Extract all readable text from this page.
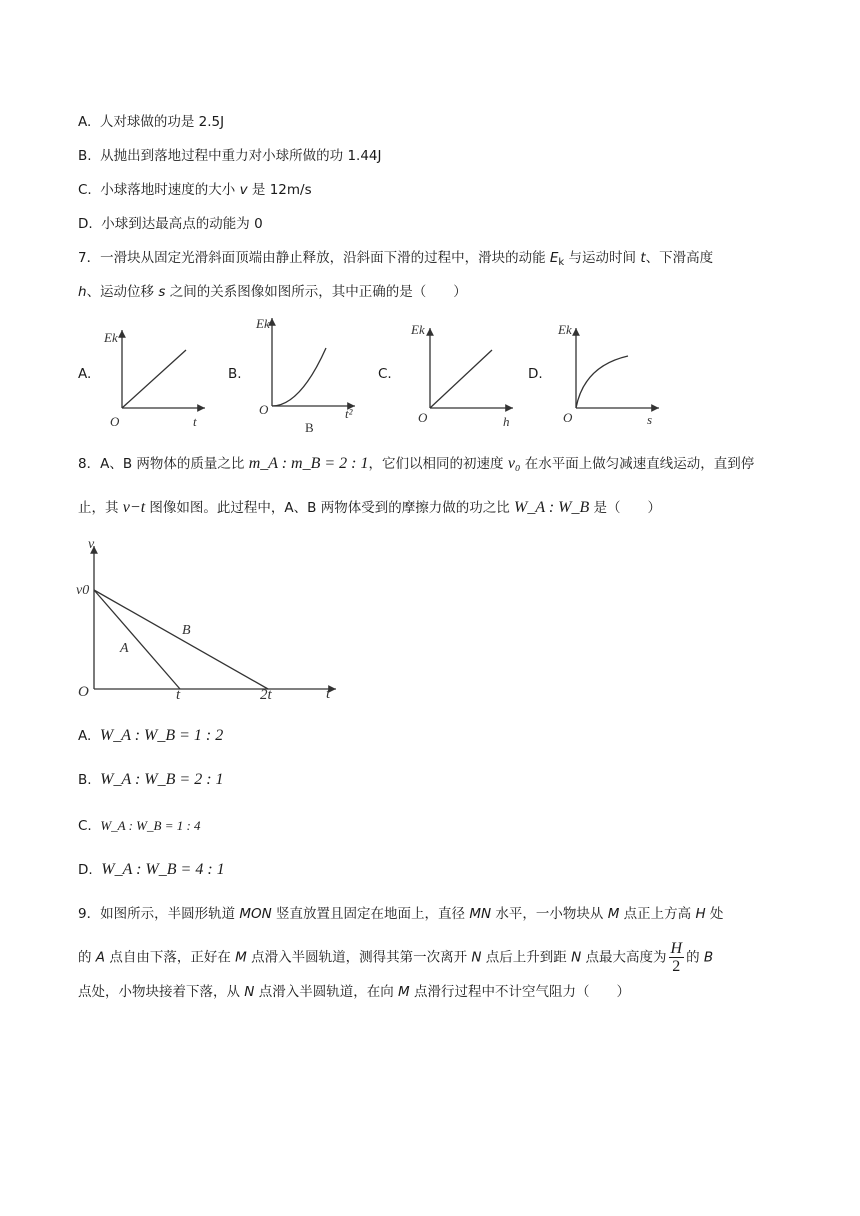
A. 人对球做的功是 2.5J
B. 从抛出到落地过程中重力对小球所做的功 1.44J
C. 小球落地时速度的大小 v 是 12m/s
D. 小球到达最高点的动能为 0
7．一滑块从固定光滑斜面顶端由静止释放，沿斜面下滑的过程中，滑块的动能 $E_k$ 与运动时间 t、下滑高度
h、运动位移 s 之间的关系图像如图所示，其中正确的是（　　）
A.	B.	C.	D.
Ek
O	t
Ek
O	t²
B
Ek
O	h
Ek
O	s
8．A、B 两物体的质量之比 m_A : m_B = 2 : 1，它们以相同的初速度 v₀ 在水平面上做匀减速直线运动，直到停
止，其 v−t 图像如图。此过程中，A、B 两物体受到的摩擦力做的功之比 W_A : W_B 是（　　）
v
v0
A
B
O	t	2t	t
A. W_A : W_B = 1 : 2
B. W_A : W_B = 2 : 1
C. W_A : W_B = 1 : 4
D. W_A : W_B = 4 : 1
9．如图所示，半圆形轨道 MON 竖直放置且固定在地面上，直径 MN 水平，一小物块从 M 点正上方高 H 处
的 A 点自由下落，正好在 M 点滑入半圆轨道，测得其第一次离开 N 点后上升到距 N 点最大高度为 $\frac{H}{2}$ 的 B
点处，小物块接着下落，从 N 点滑入半圆轨道，在向 M 点滑行过程中不计空气阻力（　　）
